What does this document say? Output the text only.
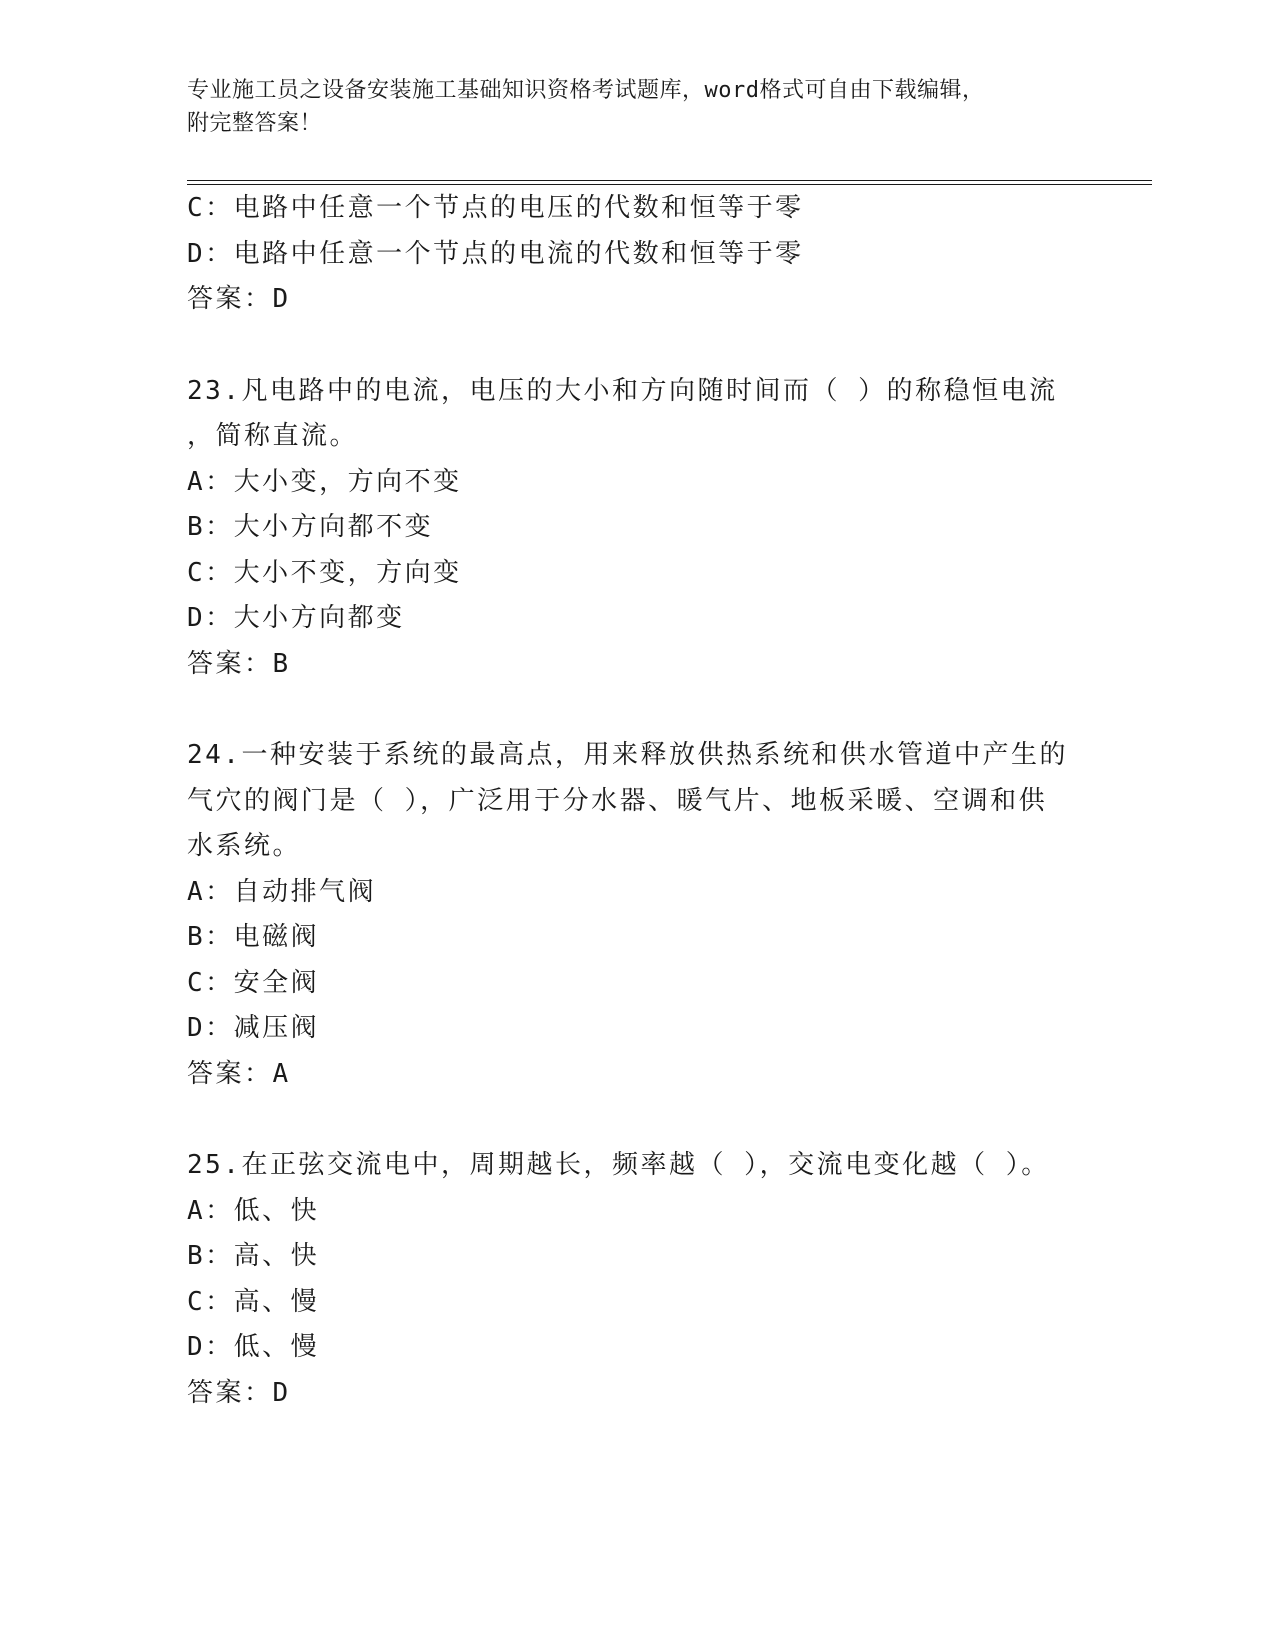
专业施工员之设备安装施工基础知识资格考试题库，word格式可自由下载编辑，
附完整答案！
C：电路中任意一个节点的电压的代数和恒等于零
D：电路中任意一个节点的电流的代数和恒等于零
答案：D
23.凡电路中的电流，电压的大小和方向随时间而（ ）的称稳恒电流
，简称直流。
A：大小变，方向不变
B：大小方向都不变
C：大小不变，方向变
D：大小方向都变
答案：B
24.一种安装于系统的最高点，用来释放供热系统和供水管道中产生的
气穴的阀门是（ ），广泛用于分水器、暖气片、地板采暖、空调和供
水系统。
A：自动排气阀
B：电磁阀
C：安全阀
D：减压阀
答案：A
25.在正弦交流电中，周期越长，频率越（ ），交流电变化越（ ）。
A：低、快
B：高、快
C：高、慢
D：低、慢
答案：D
